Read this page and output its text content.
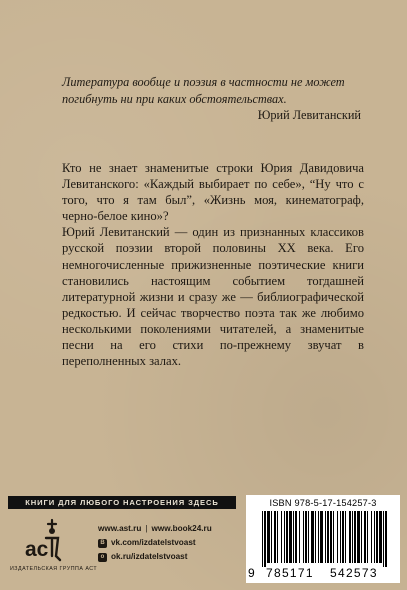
Литература вообще и поэзия в частности не может погибнуть ни при каких обстоятельствах.
Юрий Левитанский

Кто не знает знаменитые строки Юрия Давидовича Левитанского: «Каждый выбирает по себе», “Ну что с того, что я там был”, «Жизнь моя, кинематограф, черно-белое кино»?

Юрий Левитанский — один из признанных классиков русской поэзии второй половины XX века. Его немногочисленные прижизненные поэтические книги становились настоящим событием тогдашней литературной жизни и сразу же — библиографической редкостью. И сейчас творчество поэта так же любимо несколькими поколениями читателей, а знаменитые песни на его стихи по-прежнему звучат в переполненных залах.

КНИГИ ДЛЯ ЛЮБОГО НАСТРОЕНИЯ ЗДЕСЬ
ac
ИЗДАТЕЛЬСКАЯ ГРУППА АСТ
www.ast.ru | www.book24.ru
B vk.com/izdatelstvoast
o ok.ru/izdatelstvoast
ISBN 978-5-17-154257-3
9 785171 542573
